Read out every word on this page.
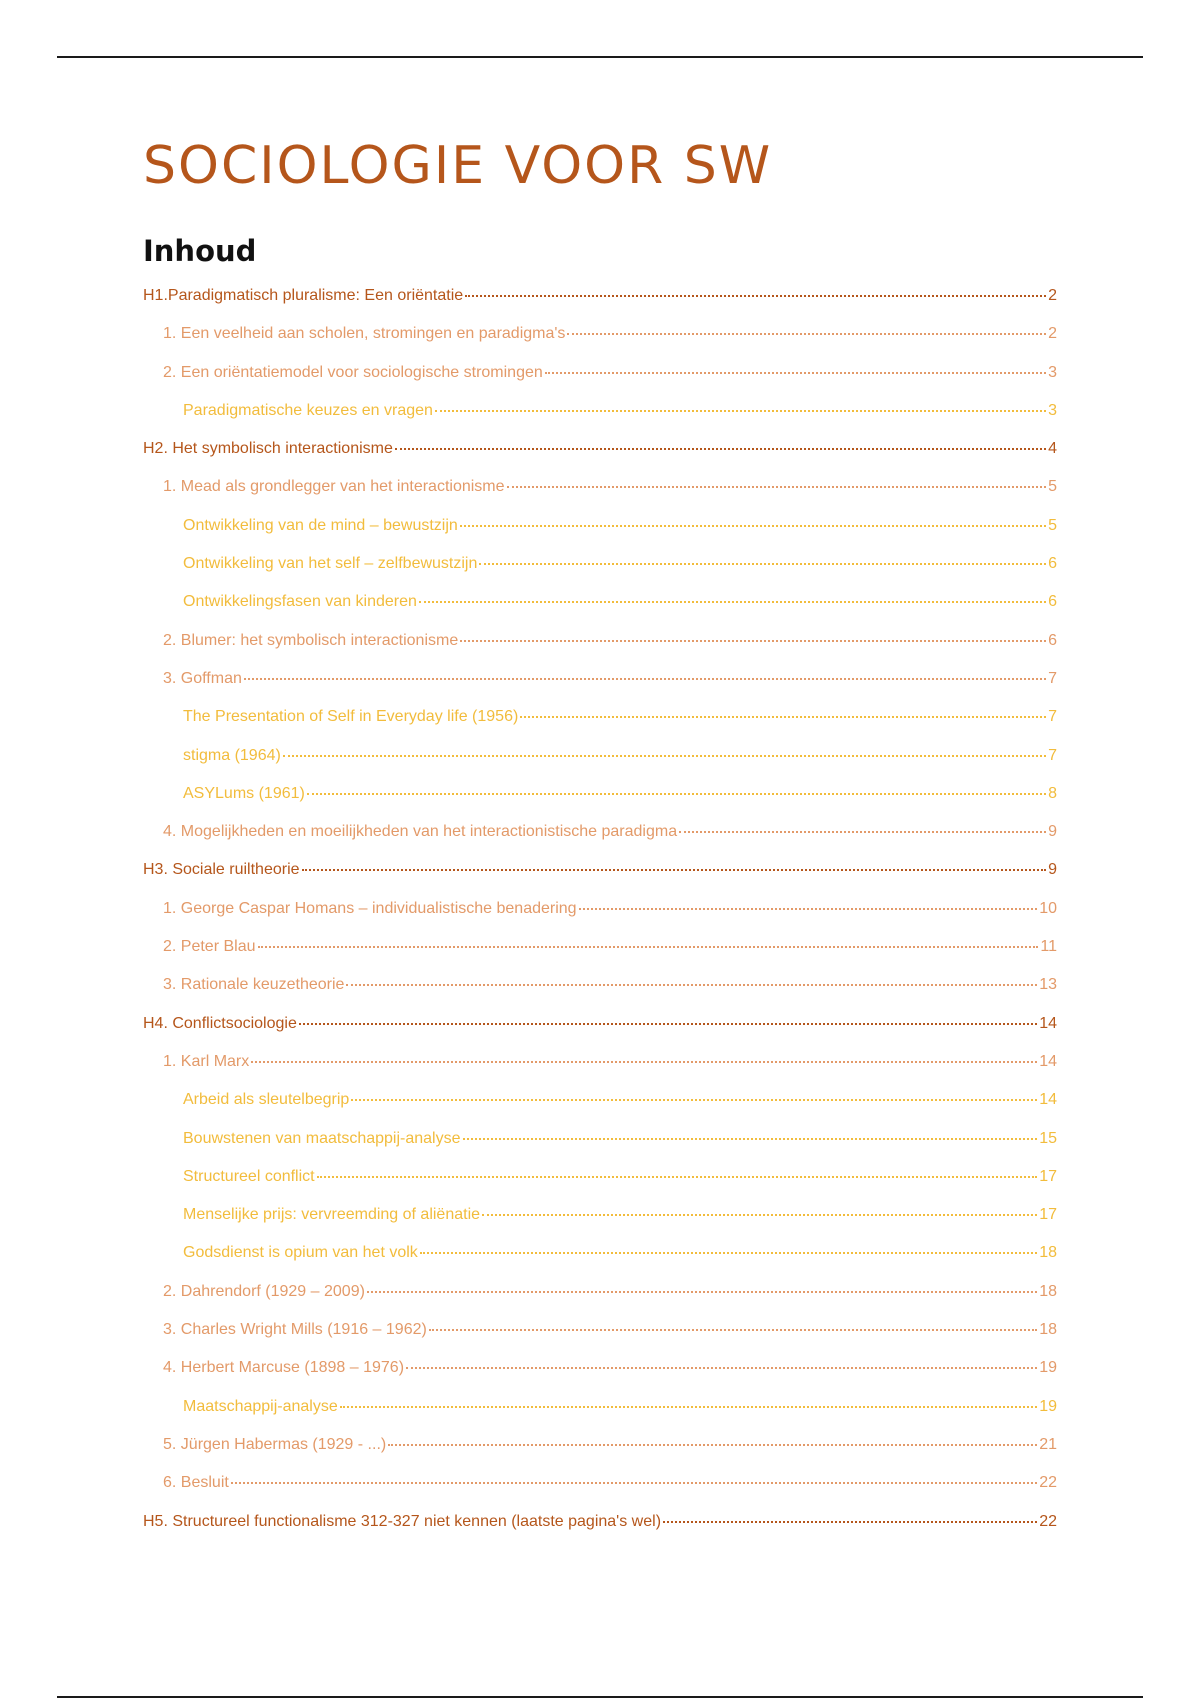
SOCIOLOGIE VOOR SW
Inhoud
H1.Paradigmatisch pluralisme: Een oriëntatie	2
1. Een veelheid aan scholen, stromingen en paradigma's	2
2. Een oriëntatiemodel voor sociologische stromingen	3
Paradigmatische keuzes en vragen	3
H2. Het symbolisch interactionisme	4
1. Mead als grondlegger van het interactionisme	5
Ontwikkeling van de mind – bewustzijn	5
Ontwikkeling van het self – zelfbewustzijn	6
Ontwikkelingsfasen van kinderen	6
2. Blumer: het symbolisch interactionisme	6
3. Goffman	7
The Presentation of Self in Everyday life (1956)	7
stigma (1964)	7
ASYLums (1961)	8
4. Mogelijkheden en moeilijkheden van het interactionistische paradigma	9
H3. Sociale ruiltheorie	9
1. George Caspar Homans – individualistische benadering	10
2. Peter Blau	11
3. Rationale keuzetheorie	13
H4. Conflictsociologie	14
1. Karl Marx	14
Arbeid als sleutelbegrip	14
Bouwstenen van maatschappij-analyse	15
Structureel conflict	17
Menselijke prijs: vervreemding of aliënatie	17
Godsdienst is opium van het volk	18
2. Dahrendorf (1929 – 2009)	18
3. Charles Wright Mills (1916 – 1962)	18
4. Herbert Marcuse (1898 – 1976)	19
Maatschappij-analyse	19
5. Jürgen Habermas (1929 - ...)	21
6. Besluit	22
H5. Structureel functionalisme 312-327 niet kennen (laatste pagina's wel)	22
